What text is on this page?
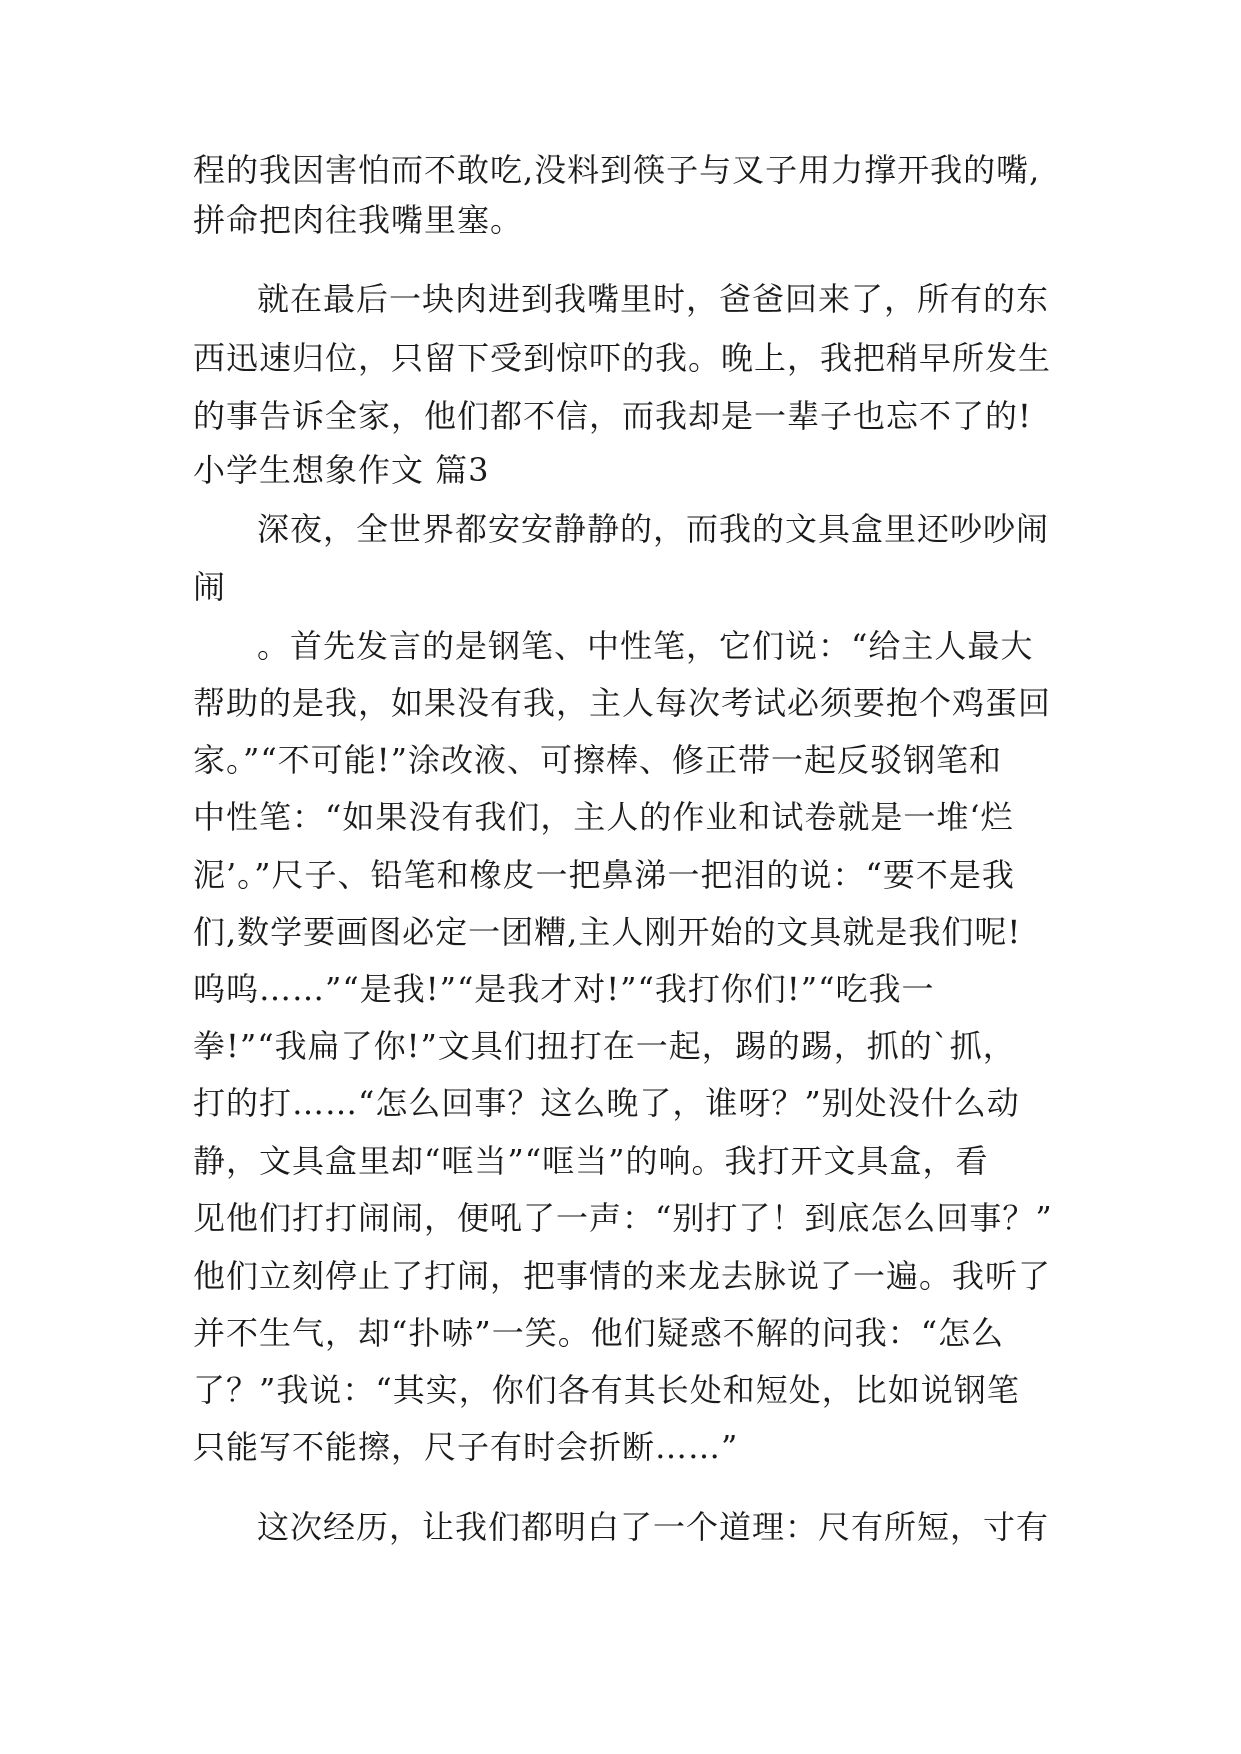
程的我因害怕而不敢吃,没料到筷子与叉子用力撑开我的嘴,
拼命把肉往我嘴里塞。
就在最后一块肉进到我嘴里时，爸爸回来了，所有的东
西迅速归位，只留下受到惊吓的我。晚上，我把稍早所发生
的事告诉全家，他们都不信，而我却是一辈子也忘不了的!
小学生想象作文 篇3
深夜，全世界都安安静静的，而我的文具盒里还吵吵闹
闹
。首先发言的是钢笔、中性笔，它们说：“给主人最大
帮助的是我，如果没有我，主人每次考试必须要抱个鸡蛋回
家。”“不可能!”涂改液、可擦棒、修正带一起反驳钢笔和
中性笔：“如果没有我们，主人的作业和试卷就是一堆‘烂
泥’。”尺子、铅笔和橡皮一把鼻涕一把泪的说：“要不是我
们,数学要画图必定一团糟,主人刚开始的文具就是我们呢!
呜呜……”“是我!”“是我才对!”“我打你们!”“吃我一
拳!”“我扁了你!”文具们扭打在一起，踢的踢，抓的`抓，
打的打……“怎么回事？这么晚了，谁呀？”别处没什么动
静，文具盒里却“哐当”“哐当”的响。我打开文具盒，看
见他们打打闹闹，便吼了一声：“别打了！到底怎么回事？”
他们立刻停止了打闹，把事情的来龙去脉说了一遍。我听了
并不生气，却“扑哧”一笑。他们疑惑不解的问我：“怎么
了？”我说：“其实，你们各有其长处和短处，比如说钢笔
只能写不能擦，尺子有时会折断……”
这次经历，让我们都明白了一个道理：尺有所短，寸有
